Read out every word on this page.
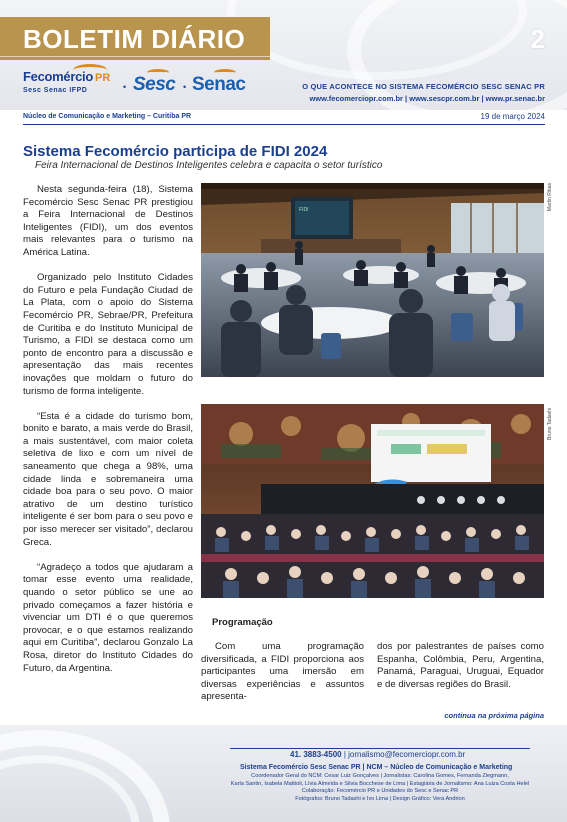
BOLETIM DIÁRIO	2
Fecomércio PR
Sesc Senac IFPD	• Sesc • Senac	O QUE ACONTECE NO SISTEMA FECOMÉRCIO SESC SENAC PR
www.fecomerciopr.com.br | www.sescpr.com.br | www.pr.senac.br
Núcleo de Comunicação e Marketing – Curitiba PR	19 de março 2024
Sistema Fecomércio participa de FIDI 2024
Feira Internacional de Destinos Inteligentes celebra e capacita o setor turístico

Nesta segunda-feira (18), Sistema Fecomércio Sesc Senac PR prestigiou a Feira Internacional de Destinos Inteligentes (FIDI), um dos eventos mais relevantes para o turismo na América Latina.

Organizado pelo Instituto Cidades do Futuro e pela Fundação Ciudad de La Plata, com o apoio do Sistema Fecomércio PR, Sebrae/PR, Prefeitura de Curitiba e do Instituto Municipal de Turismo, a FIDI se destaca como um ponto de encontro para a discussão e apresentação das mais recentes inovações que moldam o futuro do turismo de forma inteligente.

“Esta é a cidade do turismo bom, bonito e barato, a mais verde do Brasil, a mais sustentável, com maior coleta seletiva de lixo e com um nível de saneamento que chega a 98%, uma cidade linda e sobremaneira uma cidade boa para o seu povo. O maior atrativo de um destino turístico inteligente é ser bom para o seu povo e por isso merecer ser visitado”, declarou Greca.

“Agradeço a todos que ajudaram a tomar esse evento uma realidade, quando o setor público se une ao privado começamos a fazer história e vivenciar um DTI é o que queremos provocar, e o que estamos realizando aqui em Curitiba”, declarou Gonzalo La Rosa, diretor do Instituto Cidades do Futuro, da Argentina.

FIDI	Martin Ribas
Bruno Tadashi
Programação

Com uma programação diversificada, a FIDI proporciona aos participantes uma imersão em diversas experiências e assuntos apresenta-

dos por palestrantes de países como Espanha, Colômbia, Peru, Argentina, Panamá, Paraguai, Uruguai, Equador e de diversas regiões do Brasil.

continua na próxima página
41. 3883-4500 | jornalismo@fecomerciopr.com.br
Sistema Fecomércio Sesc Senac PR | NCM – Núcleo de Comunicação e Marketing
Coordenador Geral do NCM: Cesar Luiz Gonçalves | Jornalistas: Carolina Gomes, Fernanda Ziegmann,
Karla Santin, Isabela Mattioli, Lívia Almeida e Silvia Bocchese de Lima | Estagiária de Jornalismo: Ana Luiza Costa Helel
Colaboração: Fecomércio PR e Unidades do Sesc e Senac PR
Fotógrafos: Bruno Tadashi e Ivo Lima | Design Gráfico: Vera Andrion
